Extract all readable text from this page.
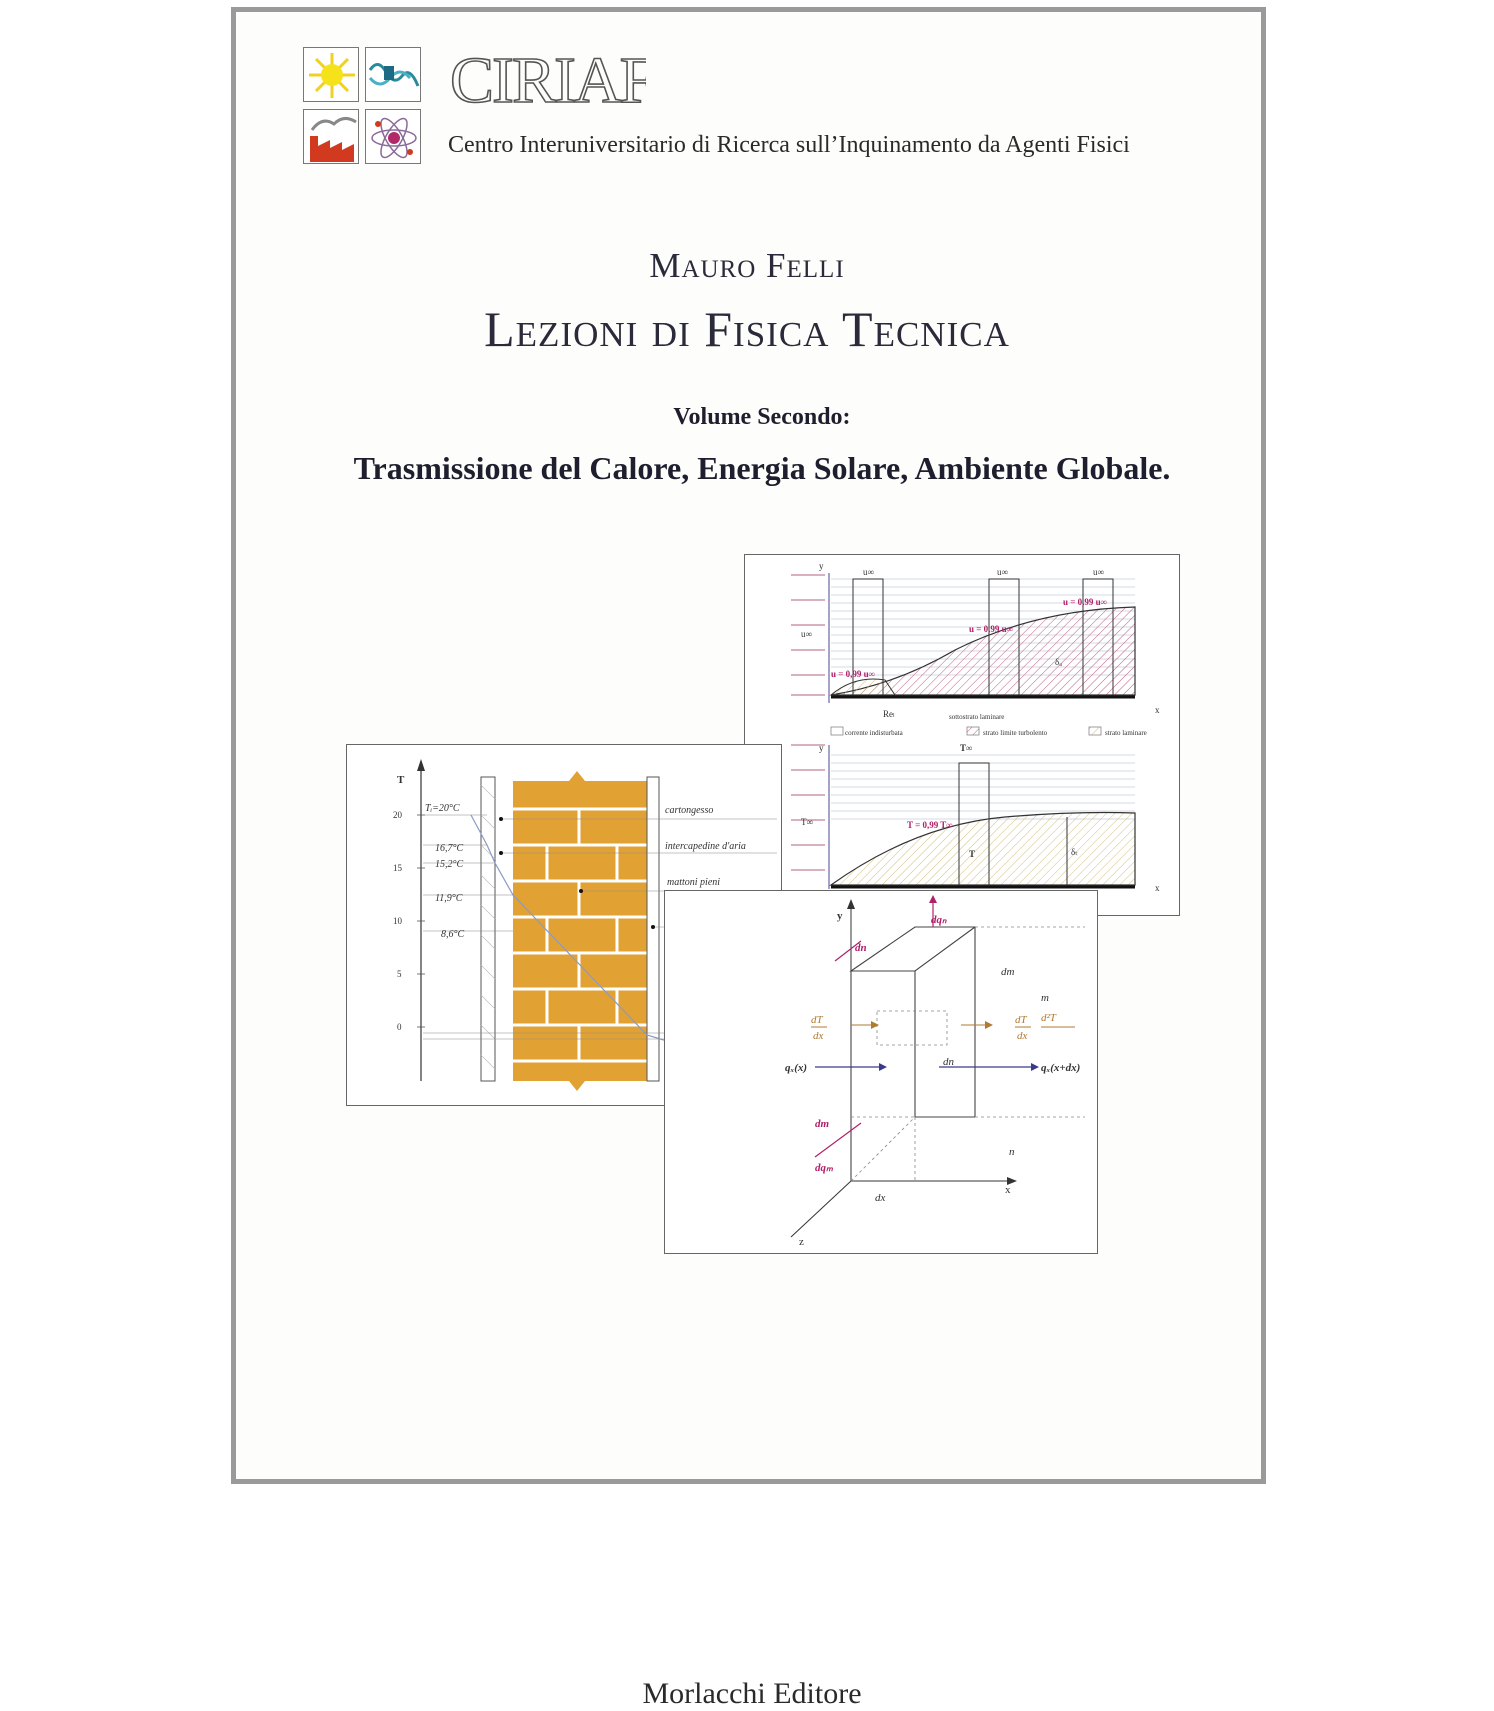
CIRIAF
Centro Interuniversitario di Ricerca sull’Inquinamento da Agenti Fisici
Mauro Felli
Lezioni di Fisica Tecnica
Volume Secondo:
Trasmissione del Calore, Energia Solare, Ambiente Globale.
u = 0,99 u∞
u = 0,99 u∞
u = 0,99 u∞
T = 0,99 T∞
u∞
T∞
u∞	u∞	u∞
T∞
T	δₜ
δᵤ
Reₗ	sottostrato laminare
x
x
y
y
corrente indisturbata	strato limite turbolento	strato laminare
T
20
15
10
5
0
Tᵢ=20°C
16,7°C
15,2°C
11,9°C
8,6°C
cartongesso
intercapedine d'aria
mattoni pieni
dqₙ
dn
dm
dqₘ
y
x
z
dm
m
dn
n
dx
qₓ(x)	qₓ(x+dx)
dT
dx
dT
dx
d²T
Morlacchi Editore
